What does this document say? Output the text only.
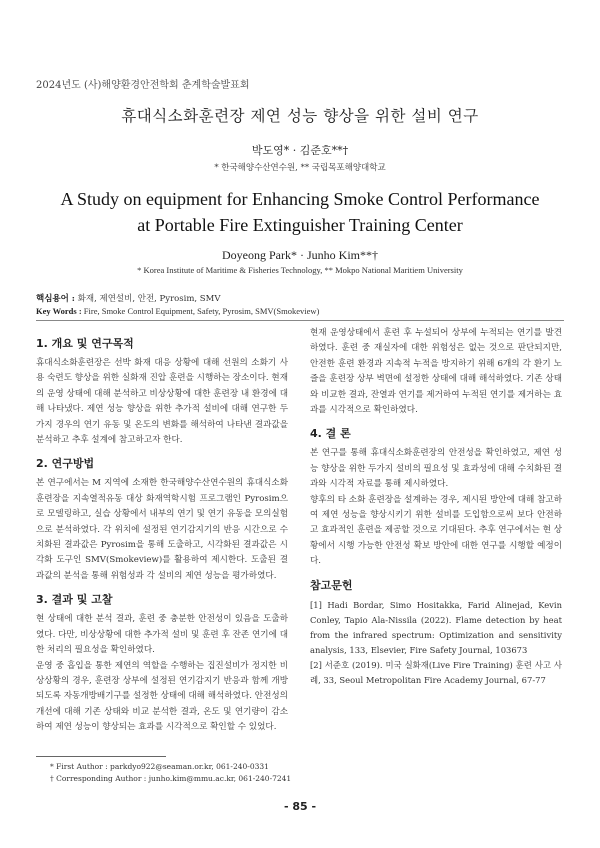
2024년도 (사)해양환경안전학회 춘계학술발표회
휴대식소화훈련장 제연 성능 향상을 위한 설비 연구
박도영* · 김준호**†
* 한국해양수산연수원, ** 국립목포해양대학교
A Study on equipment for Enhancing Smoke Control Performance
at Portable Fire Extinguisher Training Center
Doyeong Park* · Junho Kim**†
* Korea Institute of Maritime & Fisheries Technology, ** Mokpo National Maritiem University
핵심용어 : 화재, 제연설비, 안전, Pyrosim, SMV
Key Words : Fire, Smoke Control Equipment, Safety, Pyrosim, SMV(Smokeview)
1. 개요 및 연구목적

휴대식소화훈련장은 선박 화재 대응 상황에 대해 선원의 소화기 사용 숙련도 향상을 위한 실화재 진압 훈련을 시행하는 장소이다. 현재의 운영 상태에 대해 분석하고 비상상황에 대한 훈련장 내 환경에 대해 나타냈다. 제연 성능 향상을 위한 추가적 설비에 대해 연구한 두가지 경우의 연기 유동 및 온도의 변화를 해석하여 나타낸 결과값을 분석하고 추후 설계에 참고하고자 한다.

2. 연구방법

본 연구에서는 M 지역에 소재한 한국해양수산연수원의 휴대식소화훈련장을 지속열적유동 대상 화재역학시험 프로그램인 Pyrosim으로 모델링하고, 실습 상황에서 내부의 연기 및 연기 유동을 모의실험으로 분석하였다. 각 위치에 설정된 연기감지기의 반응 시간으로 수치화된 결과값은 Pyrosim을 통해 도출하고, 시각화된 결과값은 시각화 도구인 SMV(Smokeview)를 활용하여 제시한다. 도출된 결과값의 분석을 통해 위험성과 각 설비의 제연 성능을 평가하였다.

3. 결과 및 고찰

현 상태에 대한 분석 결과, 훈련 중 충분한 안전성이 있음을 도출하였다. 다만, 비상상황에 대한 추가적 설비 및 훈련 후 잔존 연기에 대한 처리의 필요성을 확인하였다.

운영 중 흡입을 통한 제연의 역할을 수행하는 집진설비가 정지한 비상상황의 경우, 훈련장 상부에 설정된 연기감지기 반응과 함께 개방되도록 자동개방배기구를 설정한 상태에 대해 해석하였다. 안전성의 개선에 대해 기존 상태와 비교 분석한 결과, 온도 및 연기량이 감소하여 제연 성능이 향상되는 효과를 시각적으로 확인할 수 있었다.

현재 운영상태에서 훈련 후 누설되어 상부에 누적되는 연기를 발견하였다. 훈련 중 재실자에 대한 위험성은 없는 것으로 판단되지만, 안전한 훈련 환경과 지속적 누적을 방지하기 위해 6개의 각 환기 노즐을 훈련장 상부 벽면에 설정한 상태에 대해 해석하였다. 기존 상태와 비교한 결과, 잔열과 연기를 제거하여 누적된 연기를 제거하는 효과를 시각적으로 확인하였다.

4. 결 론

본 연구를 통해 휴대식소화훈련장의 안전성을 확인하였고, 제연 성능 향상을 위한 두가지 설비의 필요성 및 효과성에 대해 수치화된 결과와 시각적 자료를 통해 제시하였다.

향후의 타 소화 훈련장을 설계하는 경우, 제시된 방안에 대해 참고하여 제연 성능을 향상시키기 위한 설비를 도입함으로써 보다 안전하고 효과적인 훈련을 제공할 것으로 기대된다. 추후 연구에서는 현 상황에서 시행 가능한 안전성 확보 방안에 대한 연구를 시행할 예정이다.

참고문헌

[1] Hadi Bordar, Simo Hositakka, Farid Alinejad, Kevin Conley, Tapio Ala-Nissila (2022). Flame detection by heat from the infrared spectrum: Optimization and sensitivity analysis, 133, Elsevier, Fire Safety Journal, 103673

[2] 서준호 (2019). 미국 실화재(Live Fire Training) 훈련 사고 사례, 33, Seoul Metropolitan Fire Academy Journal, 67-77

* First Author : parkdyo922@seaman.or.kr, 061-240-0331
† Corresponding Author : junho.kim@mmu.ac.kr, 061-240-7241
- 85 -
